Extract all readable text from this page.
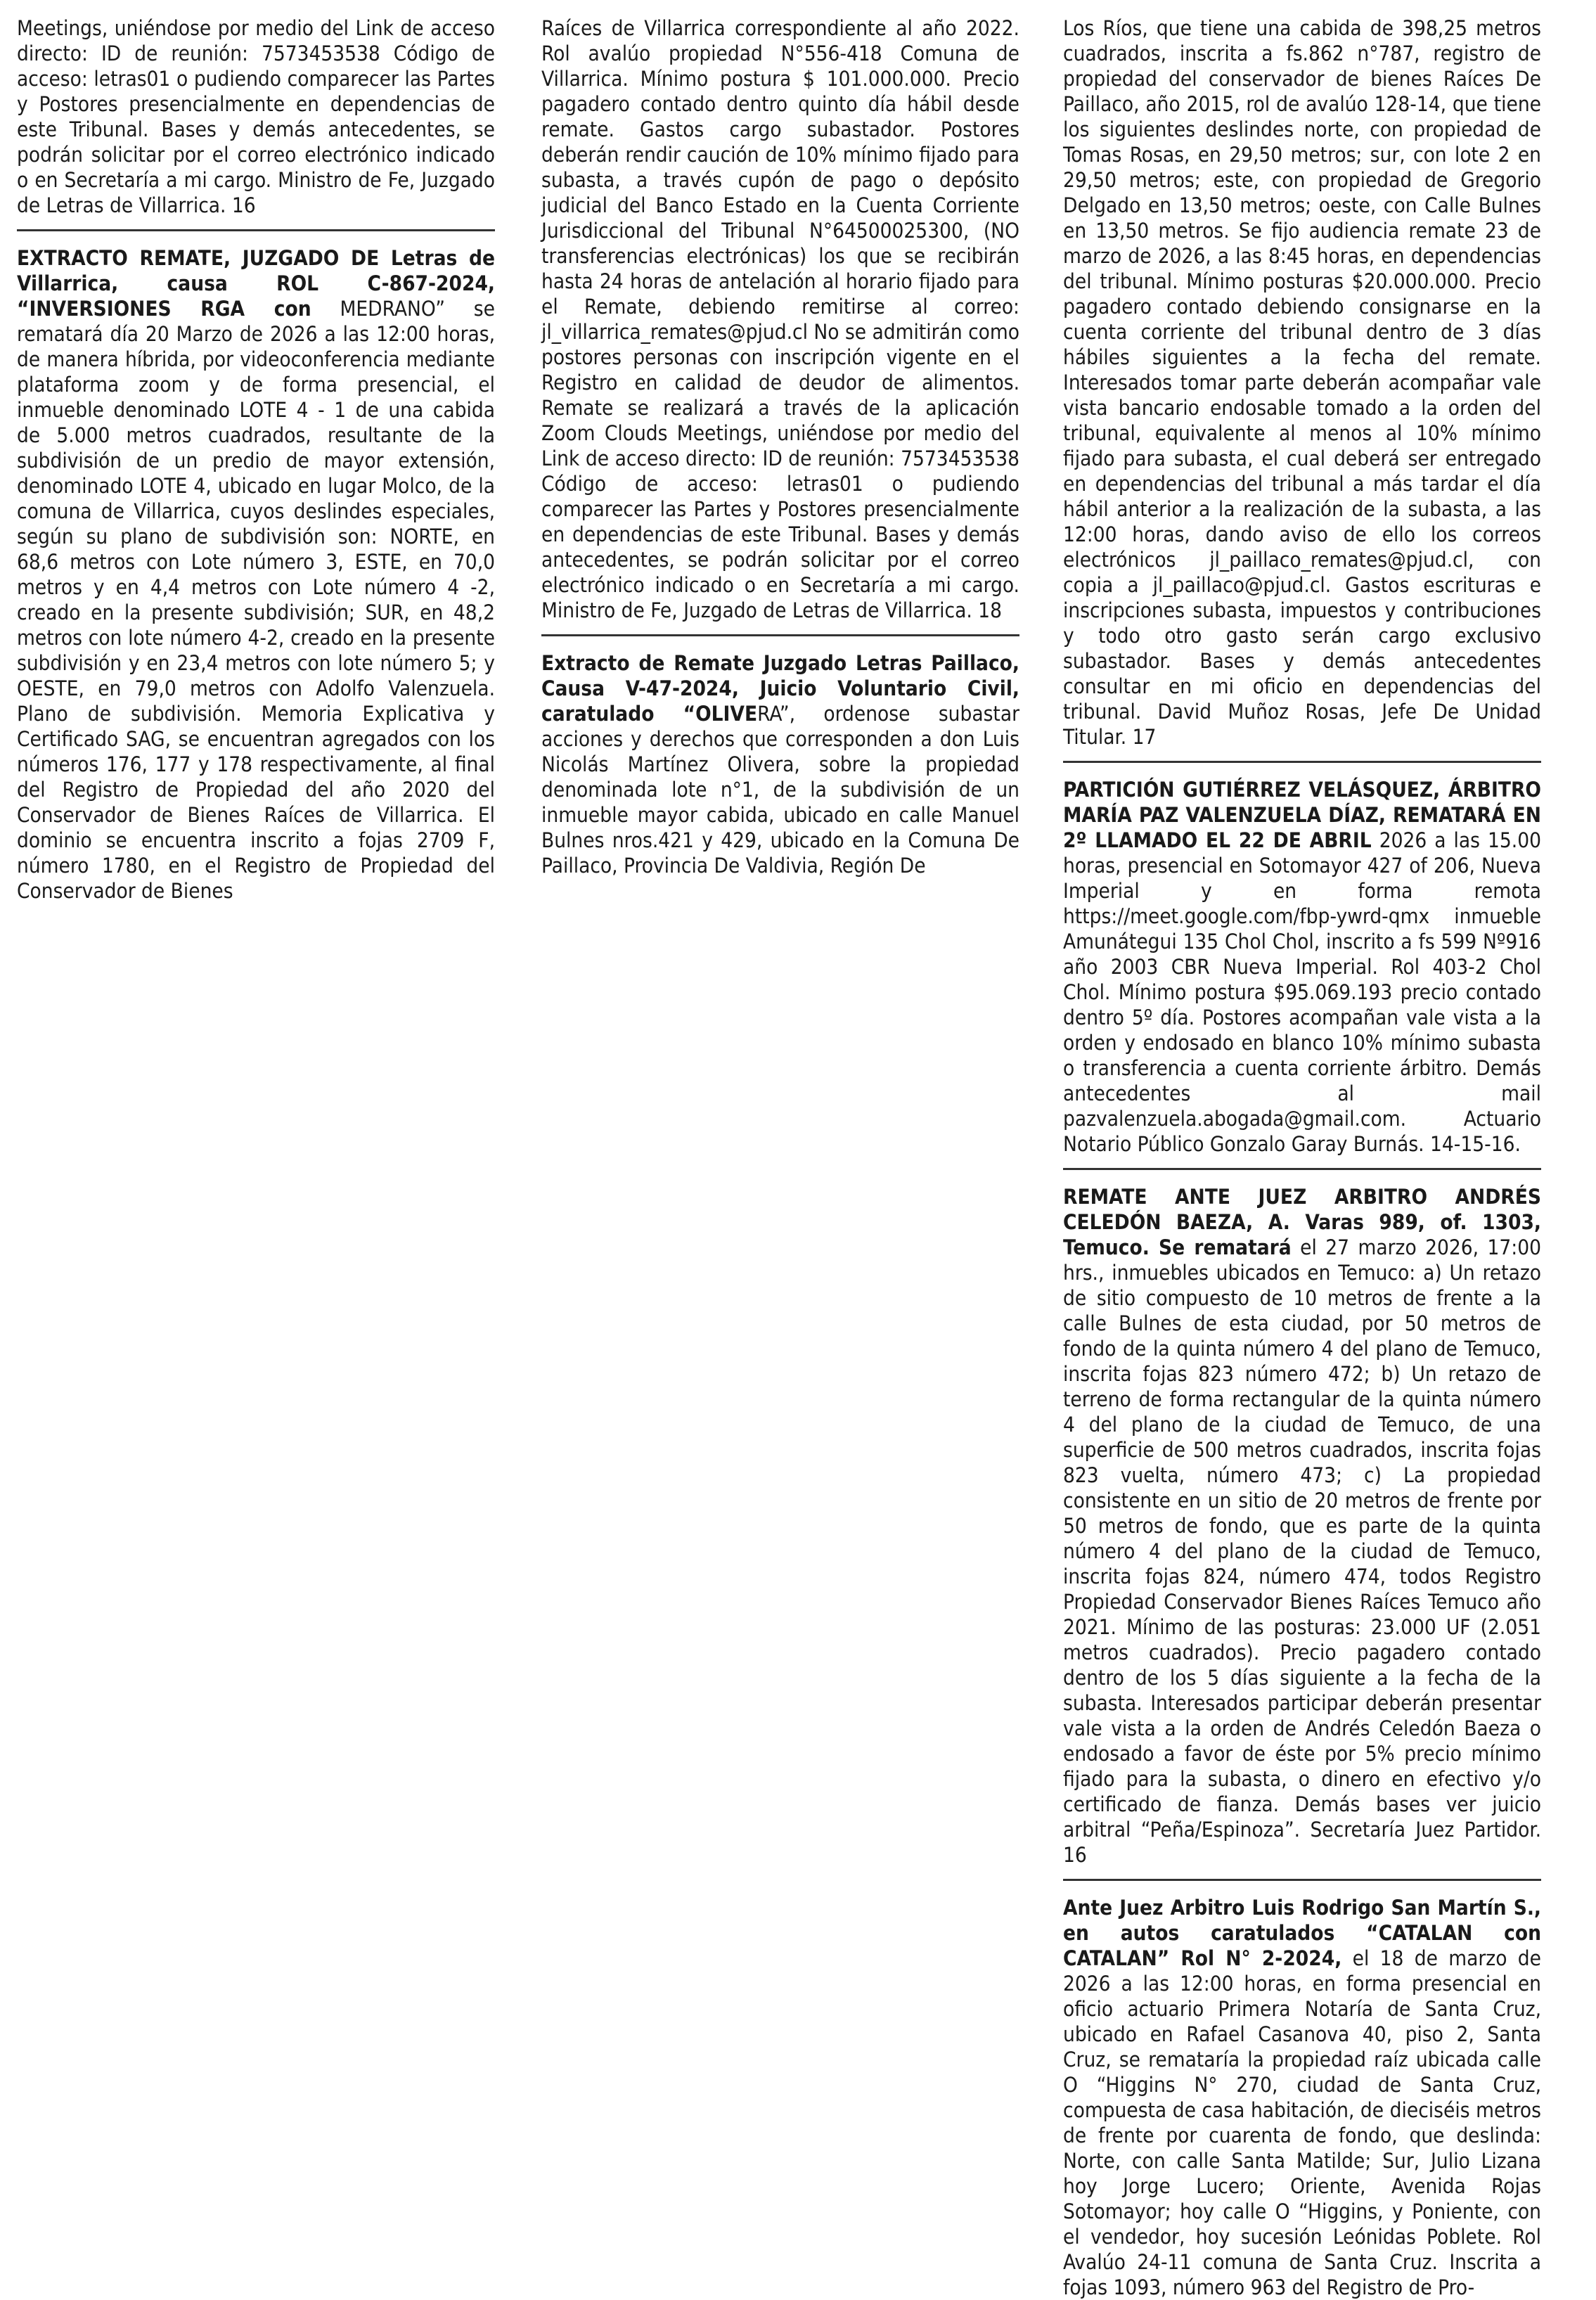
Meetings, uniéndose por medio del Link de acceso directo: ID de reunión: 7573453538 Código de acceso: letras01 o pudiendo comparecer las Partes y Postores presencialmente en dependencias de este Tribunal. Bases y demás antecedentes, se podrán solicitar por el correo electrónico indicado o en Secretaría a mi cargo. Ministro de Fe, Juzgado de Letras de Villarrica. 16

EXTRACTO REMATE, JUZGADO DE Letras de Villarrica, causa ROL C-867-2024, “INVERSIONES RGA con MEDRANO” se rematará día 20 Marzo de 2026 a las 12:00 horas, de manera híbrida, por videoconferencia mediante plataforma zoom y de forma presencial, el inmueble denominado LOTE 4 - 1 de una cabida de 5.000 metros cuadrados, resultante de la subdivisión de un predio de mayor extensión, denominado LOTE 4, ubicado en lugar Molco, de la comuna de Villarrica, cuyos deslindes especiales, según su plano de subdivisión son: NORTE, en 68,6 metros con Lote número 3, ESTE, en 70,0 metros y en 4,4 metros con Lote número 4 -2, creado en la presente subdivisión; SUR, en 48,2 metros con lote número 4-2, creado en la presente subdivisión y en 23,4 metros con lote número 5; y OESTE, en 79,0 metros con Adolfo Valenzuela. Plano de subdivisión. Memoria Explicativa y Certificado SAG, se encuentran agregados con los números 176, 177 y 178 respectivamente, al final del Registro de Propiedad del año 2020 del Conservador de Bienes Raíces de Villarrica. El dominio se encuentra inscrito a fojas 2709 F, número 1780, en el Registro de Propiedad del Conservador de Bienes

Raíces de Villarrica correspondiente al año 2022. Rol avalúo propiedad N°556-418 Comuna de Villarrica. Mínimo postura $ 101.000.000. Precio pagadero contado dentro quinto día hábil desde remate. Gastos cargo subastador. Postores deberán rendir caución de 10% mínimo fijado para subasta, a través cupón de pago o depósito judicial del Banco Estado en la Cuenta Corriente Jurisdiccional del Tribunal N°64500025300, (NO transferencias electrónicas) los que se recibirán hasta 24 horas de antelación al horario fijado para el Remate, debiendo remitirse al correo: jl_villarrica_remates@pjud.cl No se admitirán como postores personas con inscripción vigente en el Registro en calidad de deudor de alimentos. Remate se realizará a través de la aplicación Zoom Clouds Meetings, uniéndose por medio del Link de acceso directo: ID de reunión: 7573453538 Código de acceso: letras01 o pudiendo comparecer las Partes y Postores presencialmente en dependencias de este Tribunal. Bases y demás antecedentes, se podrán solicitar por el correo electrónico indicado o en Secretaría a mi cargo. Ministro de Fe, Juzgado de Letras de Villarrica. 18

Extracto de Remate Juzgado Letras Paillaco, Causa V-47-2024, Juicio Voluntario Civil, caratulado “OLIVERA”, ordenose subastar acciones y derechos que corresponden a don Luis Nicolás Martínez Olivera, sobre la propiedad denominada lote n°1, de la subdivisión de un inmueble mayor cabida, ubicado en calle Manuel Bulnes nros.421 y 429, ubicado en la Comuna De Paillaco, Provincia De Valdivia, Región De

Los Ríos, que tiene una cabida de 398,25 metros cuadrados, inscrita a fs.862 n°787, registro de propiedad del conservador de bienes Raíces De Paillaco, año 2015, rol de avalúo 128-14, que tiene los siguientes deslindes norte, con propiedad de Tomas Rosas, en 29,50 metros; sur, con lote 2 en 29,50 metros; este, con propiedad de Gregorio Delgado en 13,50 metros; oeste, con Calle Bulnes en 13,50 metros. Se fijo audiencia remate 23 de marzo de 2026, a las 8:45 horas, en dependencias del tribunal. Mínimo posturas $20.000.000. Precio pagadero contado debiendo consignarse en la cuenta corriente del tribunal dentro de 3 días hábiles siguientes a la fecha del remate. Interesados tomar parte deberán acompañar vale vista bancario endosable tomado a la orden del tribunal, equivalente al menos al 10% mínimo fijado para subasta, el cual deberá ser entregado en dependencias del tribunal a más tardar el día hábil anterior a la realización de la subasta, a las 12:00 horas, dando aviso de ello los correos electrónicos jl_paillaco_remates@pjud.cl, con copia a jl_paillaco@pjud.cl. Gastos escrituras e inscripciones subasta, impuestos y contribuciones y todo otro gasto serán cargo exclusivo subastador. Bases y demás antecedentes consultar en mi oficio en dependencias del tribunal. David Muñoz Rosas, Jefe De Unidad Titular. 17

PARTICIÓN GUTIÉRREZ VELÁSQUEZ, ÁRBITRO MARÍA PAZ VALENZUELA DÍAZ, REMATARÁ EN 2º LLAMADO EL 22 DE ABRIL 2026 a las 15.00 horas, presencial en Sotomayor 427 of 206, Nueva Imperial y en forma remota https://meet.google.com/fbp-ywrd-qmx inmueble Amunátegui 135 Chol Chol, inscrito a fs 599 Nº916 año 2003 CBR Nueva Imperial. Rol 403-2 Chol Chol. Mínimo postura $95.069.193 precio contado dentro 5º día. Postores acompañan vale vista a la orden y endosado en blanco 10% mínimo subasta o transferencia a cuenta corriente árbitro. Demás antecedentes al mail pazvalenzuela.abogada@gmail.com. Actuario Notario Público Gonzalo Garay Burnás. 14-15-16.

REMATE ANTE JUEZ ARBITRO ANDRÉS CELEDÓN BAEZA, A. Varas 989, of. 1303, Temuco. Se rematará el 27 marzo 2026, 17:00 hrs., inmuebles ubicados en Temuco: a) Un retazo de sitio compuesto de 10 metros de frente a la calle Bulnes de esta ciudad, por 50 metros de fondo de la quinta número 4 del plano de Temuco, inscrita fojas 823 número 472; b) Un retazo de terreno de forma rectangular de la quinta número 4 del plano de la ciudad de Temuco, de una superficie de 500 metros cuadrados, inscrita fojas 823 vuelta, número 473; c) La propiedad consistente en un sitio de 20 metros de frente por 50 metros de fondo, que es parte de la quinta número 4 del plano de la ciudad de Temuco, inscrita fojas 824, número 474, todos Registro Propiedad Conservador Bienes Raíces Temuco año 2021. Mínimo de las posturas: 23.000 UF (2.051 metros cuadrados). Precio pagadero contado dentro de los 5 días siguiente a la fecha de la subasta. Interesados participar deberán presentar vale vista a la orden de Andrés Celedón Baeza o endosado a favor de éste por 5% precio mínimo fijado para la subasta, o dinero en efectivo y/o certificado de fianza. Demás bases ver juicio arbitral “Peña/Espinoza”. Secretaría Juez Partidor. 16

Ante Juez Arbitro Luis Rodrigo San Martín S., en autos caratulados “CATALAN con CATALAN” Rol N° 2-2024, el 18 de marzo de 2026 a las 12:00 horas, en forma presencial en oficio actuario Primera Notaría de Santa Cruz, ubicado en Rafael Casanova 40, piso 2, Santa Cruz, se remataría la propiedad raíz ubicada calle O “Higgins N° 270, ciudad de Santa Cruz, compuesta de casa habitación, de dieciséis metros de frente por cuarenta de fondo, que deslinda: Norte, con calle Santa Matilde; Sur, Julio Lizana hoy Jorge Lucero; Oriente, Avenida Rojas Sotomayor; hoy calle O “Higgins, y Poniente, con el vendedor, hoy sucesión Leónidas Poblete. Rol Avalúo 24-11 comuna de Santa Cruz. Inscrita a fojas 1093, número 963 del Registro de Pro-
